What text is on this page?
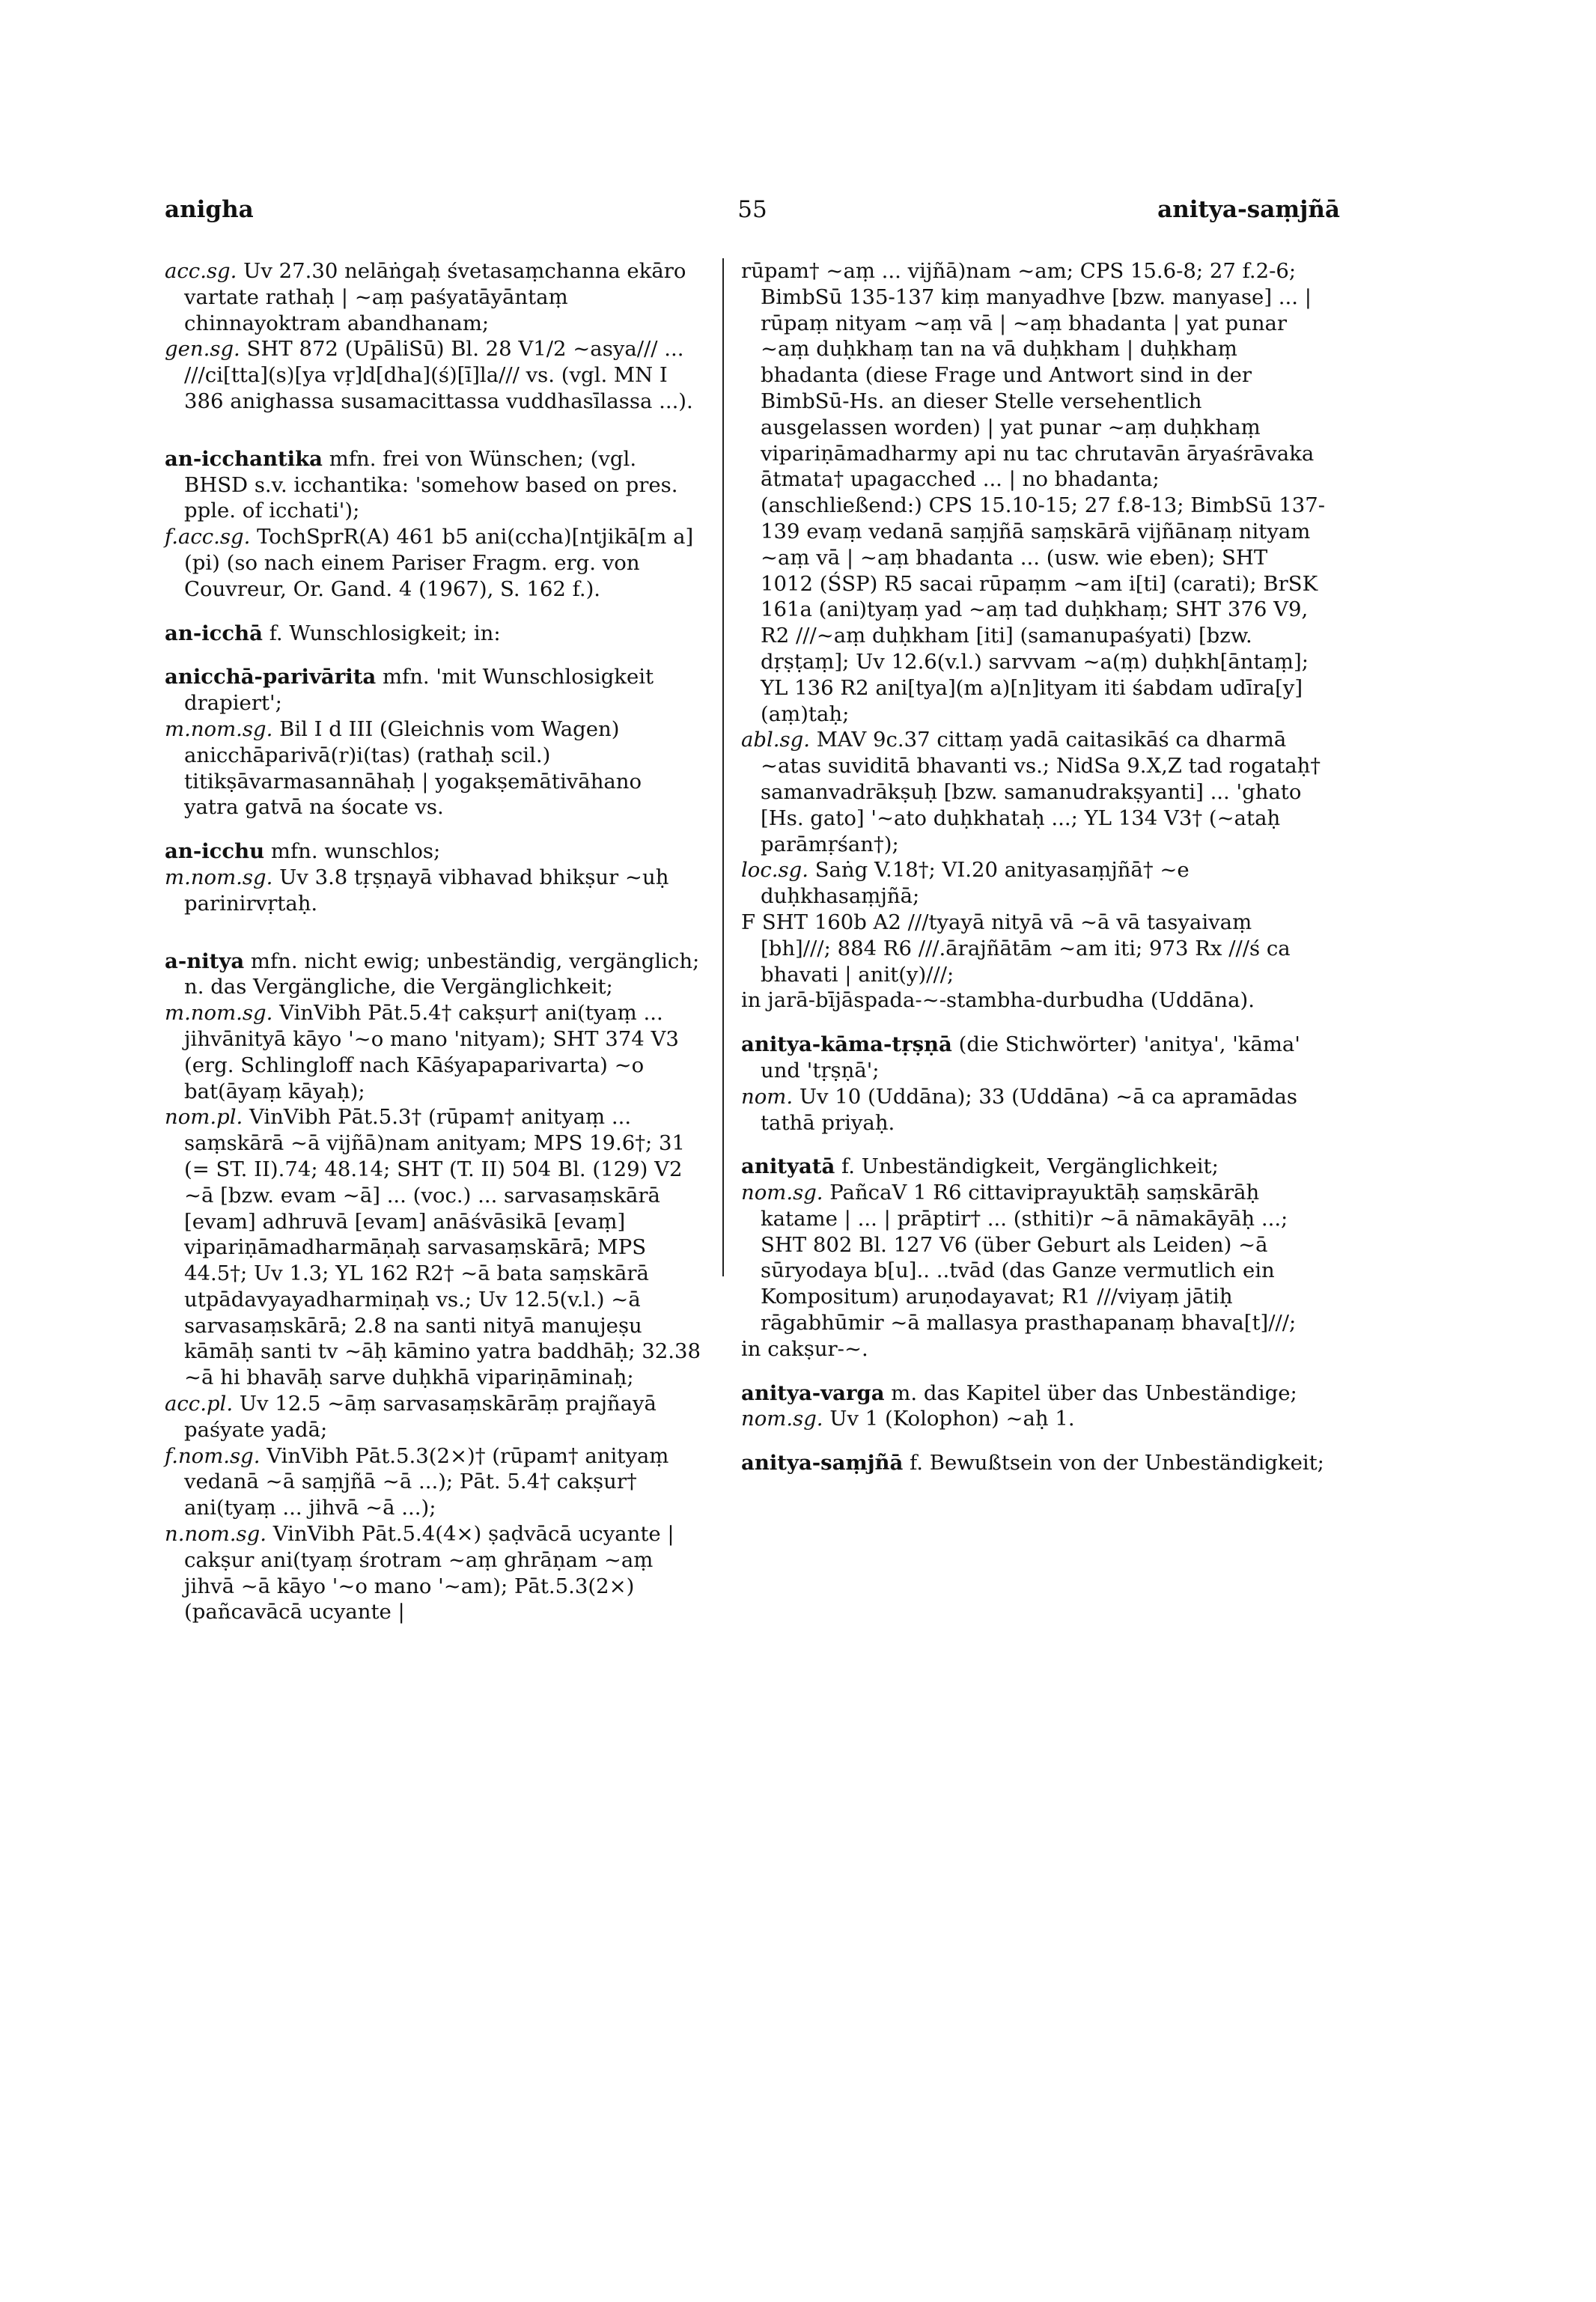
anigha	55	anitya-saṃjñā

acc.sg. Uv 27.30 nelāṅgaḥ śvetasaṃchanna ekāro vartate rathaḥ | ~aṃ paśyatāyāntaṃ chinnayoktram abandhanam;

gen.sg. SHT 872 (UpāliSū) Bl. 28 V1/2 ~asya/// ... ///ci[tta](s)[ya vṛ]d[dha](ś)[ī]la/// vs. (vgl. MN I 386 anighassa susamacittassa vuddhasīlassa ...).

an-icchantika mfn. frei von Wünschen; (vgl. BHSD s.v. icchantika: 'somehow based on pres. pple. of icchati');

f.acc.sg. TochSprR(A) 461 b5 ani(ccha)[ntjikā[m a](pi) (so nach einem Pariser Fragm. erg. von Couvreur, Or. Gand. 4 (1967), S. 162 f.).

an-icchā f. Wunschlosigkeit; in:

anicchā-parivārita mfn. 'mit Wunschlosigkeit drapiert';

m.nom.sg. Bil I d III (Gleichnis vom Wagen) anicchāparivā(r)i(tas) (rathaḥ scil.) titikṣāvarmasannāhaḥ | yogakṣemātivāhano yatra gatvā na śocate vs.

an-icchu mfn. wunschlos;

m.nom.sg. Uv 3.8 tṛṣṇayā vibhavad bhikṣur ~uḥ parinirvṛtaḥ.

a-nitya mfn. nicht ewig; unbeständig, vergänglich; n. das Vergängliche, die Vergänglichkeit;

m.nom.sg. VinVibh Pāt.5.4† cakṣur† ani(tyaṃ ... jihvānityā kāyo '~o mano 'nityam); SHT 374 V3 (erg. Schlingloff nach Kāśyapaparivarta) ~o bat(āyaṃ kāyaḥ);

nom.pl. VinVibh Pāt.5.3† (rūpam† anityaṃ ... saṃskārā ~ā vijñā)nam anityam; MPS 19.6†; 31 (= ST. II).74; 48.14; SHT (T. II) 504 Bl. (129) V2 ~ā [bzw. evam ~ā] ... (voc.) ... sarvasaṃskārā [evam] adhruvā [evam] anāśvāsikā [evaṃ] vipariṇāmadharmāṇaḥ sarvasaṃskārā; MPS 44.5†; Uv 1.3; YL 162 R2† ~ā bata saṃskārā utpādavyayadharmiṇaḥ vs.; Uv 12.5(v.l.) ~ā sarvasaṃskārā; 2.8 na santi nityā manujeṣu kāmāḥ santi tv ~āḥ kāmino yatra baddhāḥ; 32.38 ~ā hi bhavāḥ sarve duḥkhā vipariṇāminaḥ;

acc.pl. Uv 12.5 ~āṃ sarvasaṃskārāṃ prajñayā paśyate yadā;

f.nom.sg. VinVibh Pāt.5.3(2×)† (rūpam† anityaṃ vedanā ~ā saṃjñā ~ā ...); Pāt. 5.4† cakṣur† ani(tyaṃ ... jihvā ~ā ...);

n.nom.sg. VinVibh Pāt.5.4(4×) ṣaḍvācā ucyante | cakṣur ani(tyaṃ śrotram ~aṃ ghrāṇam ~aṃ jihvā ~ā kāyo '~o mano '~am); Pāt.5.3(2×) (pañcavācā ucyante |

rūpam† ~aṃ ... vijñā)nam ~am; CPS 15.6-8; 27 f.2-6; BimbSū 135-137 kiṃ manyadhve [bzw. manyase] ... | rūpaṃ nityam ~aṃ vā | ~aṃ bhadanta | yat punar ~aṃ duḥkhaṃ tan na vā duḥkham | duḥkhaṃ bhadanta (diese Frage und Antwort sind in der BimbSū-Hs. an dieser Stelle versehentlich ausgelassen worden) | yat punar ~aṃ duḥkhaṃ vipariṇāmadharmy api nu tac chrutavān āryaśrāvaka ātmata† upagacched ... | no bhadanta; (anschließend:) CPS 15.10-15; 27 f.8-13; BimbSū 137-139 evaṃ vedanā saṃjñā saṃskārā vijñānaṃ nityam ~aṃ vā | ~aṃ bhadanta ... (usw. wie eben); SHT 1012 (ŚSP) R5 sacai rūpaṃm ~am i[ti] (carati); BrSK 161a (ani)tyaṃ yad ~aṃ tad duḥkhaṃ; SHT 376 V9, R2 ///~aṃ duḥkham [iti] (samanupaśyati) [bzw. dṛṣṭaṃ]; Uv 12.6(v.l.) sarvvam ~a(ṃ) duḥkh[āntaṃ]; YL 136 R2 ani[tya](m a)[n]ityam iti śabdam udīra[y](aṃ)taḥ;

abl.sg. MAV 9c.37 cittaṃ yadā caitasikāś ca dharmā ~atas suviditā bhavanti vs.; NidSa 9.X,Z tad rogataḥ† samanvadrākṣuḥ [bzw. samanudrakṣyanti] ... 'ghato [Hs. gato] '~ato duḥkhataḥ ...; YL 134 V3† (~ataḥ parāmṛśan†);

loc.sg. Saṅg V.18†; VI.20 anityasaṃjñā† ~e duḥkhasaṃjñā;

F SHT 160b A2 ///tyayā nityā vā ~ā vā tasyaivaṃ [bh]///; 884 R6 ///.ārajñātām ~am iti; 973 Rx ///ś ca bhavati | anit(y)///;

in jarā-bījāspada-~-stambha-durbudha (Uddāna).

anitya-kāma-tṛṣṇā (die Stichwörter) 'anitya', 'kāma' und 'tṛṣṇā';

nom. Uv 10 (Uddāna); 33 (Uddāna) ~ā ca apramādas tathā priyaḥ.

anityatā f. Unbeständigkeit, Vergänglichkeit;

nom.sg. PañcaV 1 R6 cittaviprayuktāḥ saṃskārāḥ katame | ... | prāptir† ... (sthiti)r ~ā nāmakāyāḥ ...; SHT 802 Bl. 127 V6 (über Geburt als Leiden) ~ā sūryodaya b[u].. ..tvād (das Ganze vermutlich ein Kompositum) aruṇodayavat; R1 ///viyaṃ jātiḥ rāgabhūmir ~ā mallasya prasthapanaṃ bhava[t]///;

in cakṣur-~.

anitya-varga m. das Kapitel über das Unbeständige;

nom.sg. Uv 1 (Kolophon) ~aḥ 1.

anitya-saṃjñā f. Bewußtsein von der Unbeständigkeit;
